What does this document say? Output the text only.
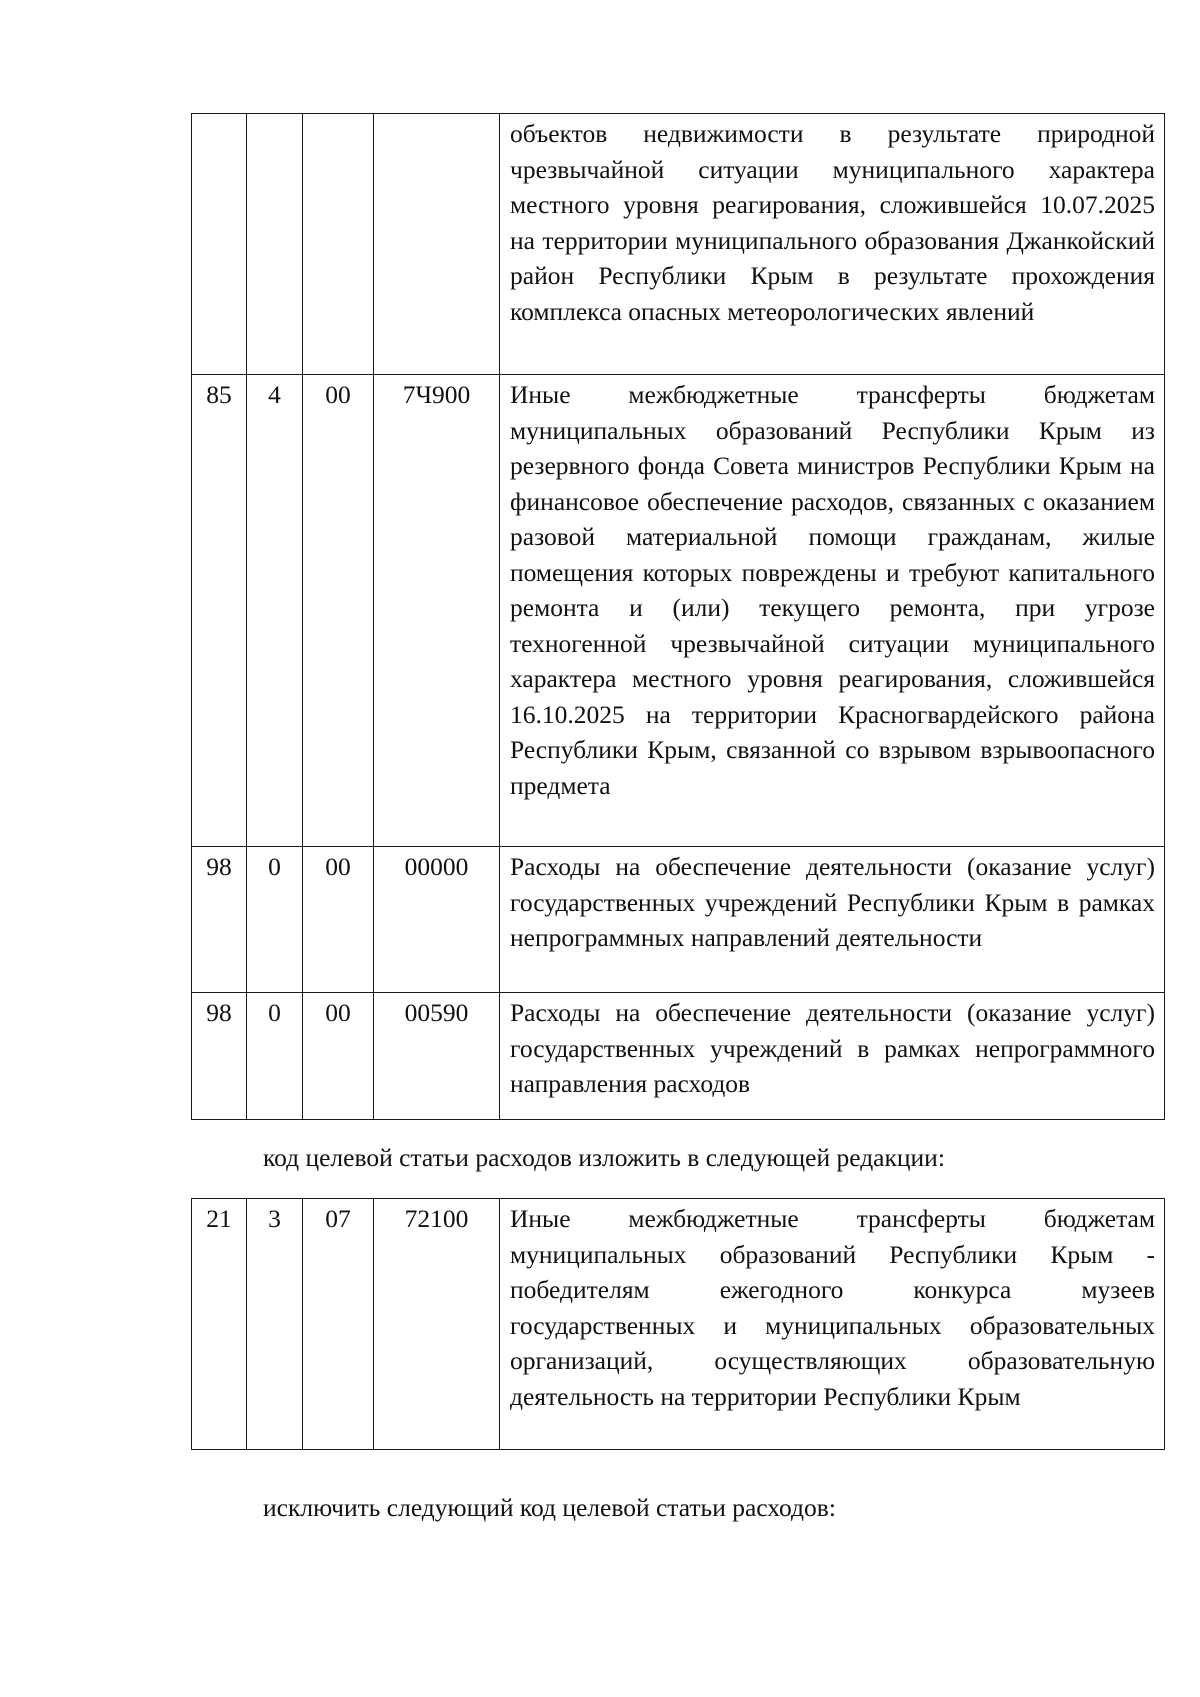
				объектов недвижимости в результате природной чрезвычайной ситуации муниципального характера местного уровня реагирования, сложившейся 10.07.2025 на территории муниципального образования Джанкойский район Республики Крым в результате прохождения комплекса опасных метеорологических явлений

85	4	00	7Ч900	Иные межбюджетные трансферты бюджетам муниципальных образований Республики Крым из резервного фонда Совета министров Республики Крым на финансовое обеспечение расходов, связанных с оказанием разовой материальной помощи гражданам, жилые помещения которых повреждены и требуют капитального ремонта и (или) текущего ремонта, при угрозе техногенной чрезвычайной ситуации муниципального характера местного уровня реагирования, сложившейся 16.10.2025 на территории Красногвардейского района Республики Крым, связанной со взрывом взрывоопасного предмета

98	0	00	00000	Расходы на обеспечение деятельности (оказание услуг) государственных учреждений Республики Крым в рамках непрограммных направлений деятельности

98	0	00	00590	Расходы на обеспечение деятельности (оказание услуг) государственных учреждений в рамках непрограммного направления расходов
код целевой статьи расходов изложить в следующей редакции:
21	3	07	72100	Иные межбюджетные трансферты бюджетам муниципальных образований Республики Крым - победителям ежегодного конкурса музеев государственных и муниципальных образовательных организаций, осуществляющих образовательную деятельность на территории Республики Крым
исключить следующий код целевой статьи расходов:
